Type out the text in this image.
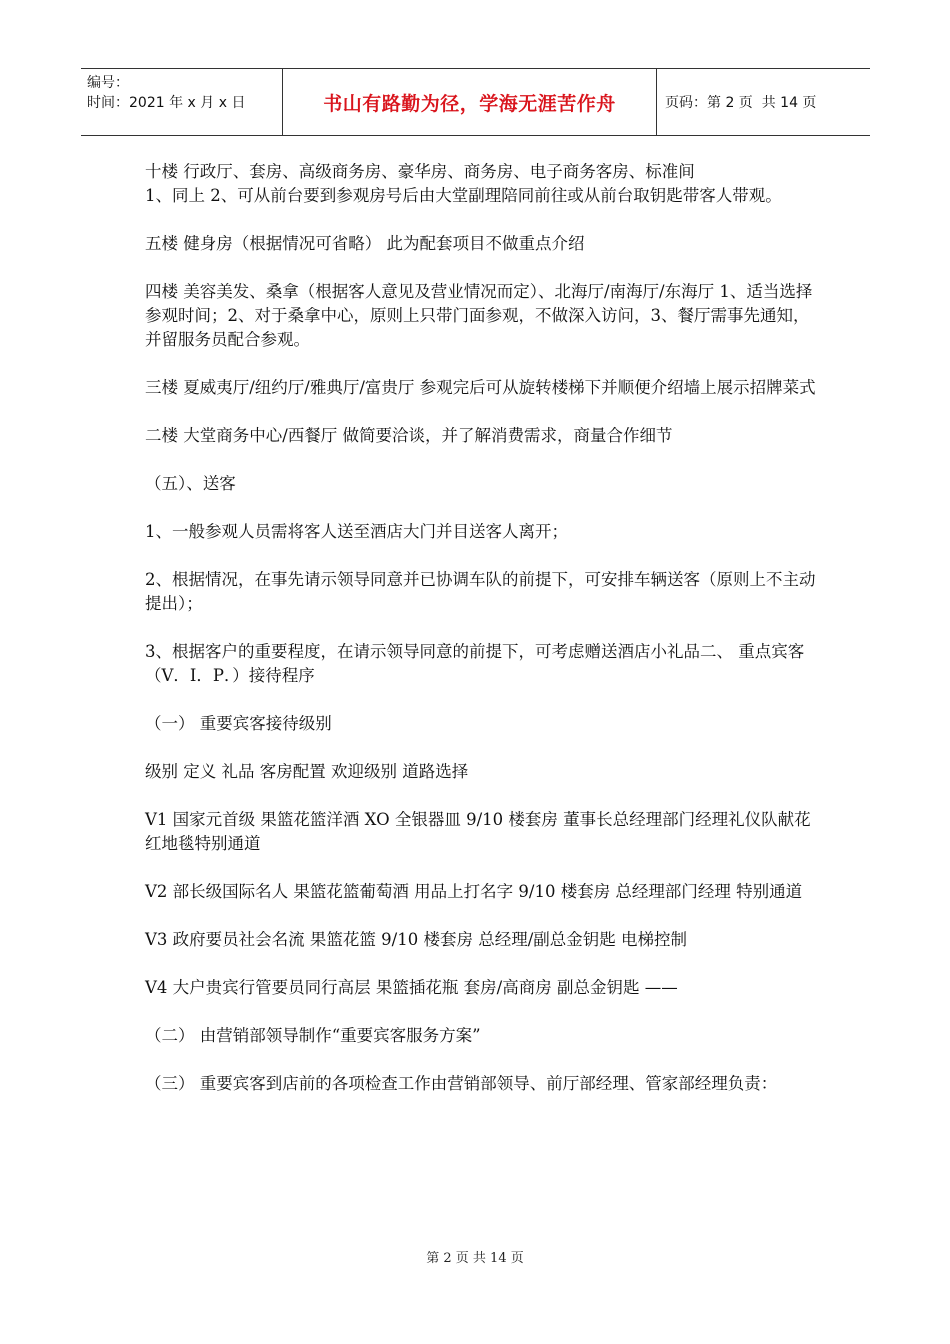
编号：
时间：2021 年 x 月 x 日	书山有路勤为径，学海无涯苦作舟	页码：第 2 页  共 14 页

十楼 行政厅、套房、高级商务房、豪华房、商务房、电子商务客房、标准间

1、同上 2、可从前台要到参观房号后由大堂副理陪同前往或从前台取钥匙带客人带观。

五楼 健身房（根据情况可省略） 此为配套项目不做重点介绍

四楼 美容美发、桑拿（根据客人意见及营业情况而定）、北海厅/南海厅/东海厅 1、适当选择参观时间；2、对于桑拿中心，原则上只带门面参观，不做深入访问，3、餐厅需事先通知，并留服务员配合参观。

三楼 夏威夷厅/纽约厅/雅典厅/富贵厅 参观完后可从旋转楼梯下并顺便介绍墙上展示招牌菜式

二楼 大堂商务中心/西餐厅 做简要洽谈，并了解消费需求，商量合作细节

（五）、送客

1、一般参观人员需将客人送至酒店大门并目送客人离开；

2、根据情况，在事先请示领导同意并已协调车队的前提下，可安排车辆送客（原则上不主动提出）；

3、根据客户的重要程度，在请示领导同意的前提下，可考虑赠送酒店小礼品二、 重点宾客（V．I．P．）接待程序

（一） 重要宾客接待级别

级别 定义 礼品 客房配置 欢迎级别 道路选择

V1 国家元首级 果篮花篮洋酒 XO 全银器皿 9/10 楼套房 董事长总经理部门经理礼仪队献花 红地毯特别通道

V2 部长级国际名人 果篮花篮葡萄酒 用品上打名字 9/10 楼套房 总经理部门经理 特别通道

V3 政府要员社会名流 果篮花篮 9/10 楼套房 总经理/副总金钥匙 电梯控制

V4 大户贵宾行管要员同行高层 果篮插花瓶 套房/高商房 副总金钥匙 ——

（二） 由营销部领导制作“重要宾客服务方案”

（三） 重要宾客到店前的各项检查工作由营销部领导、前厅部经理、管家部经理负责：

第 2 页 共 14 页
